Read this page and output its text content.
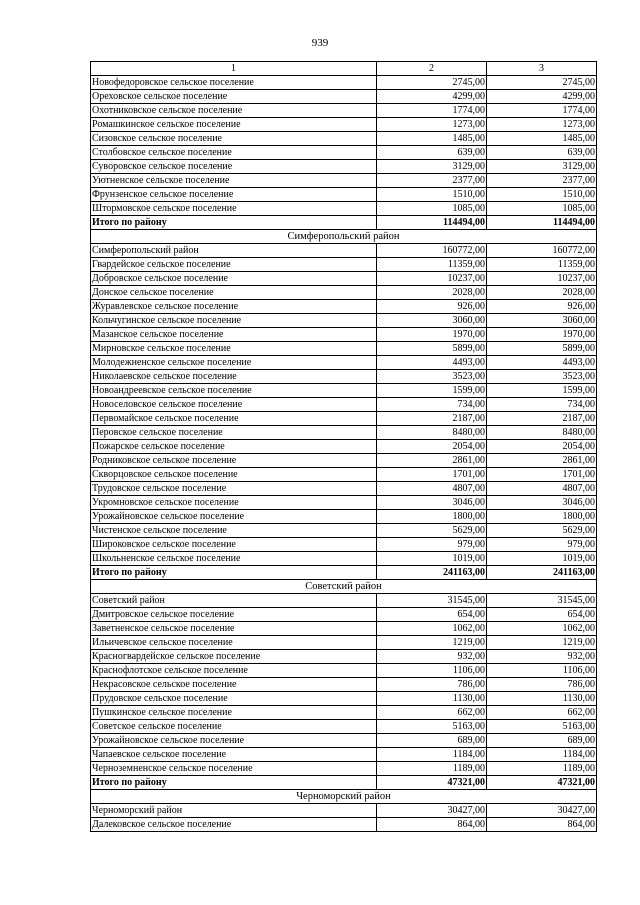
939
1	2	3
Новофедоровское сельское поселение	2745,00	2745,00
Ореховское сельское поселение	4299,00	4299,00
Охотниковское сельское поселение	1774,00	1774,00
Ромашкинское сельское поселение	1273,00	1273,00
Сизовское сельское поселение	1485,00	1485,00
Столбовское сельское поселение	639,00	639,00
Суворовское сельское поселение	3129,00	3129,00
Уютненское сельское поселение	2377,00	2377,00
Фрунзенское сельское поселение	1510,00	1510,00
Штормовское сельское поселение	1085,00	1085,00
Итого по району	114494,00	114494,00
Симферопольский район		
Симферопольский район	160772,00	160772,00
Гвардейское сельское поселение	11359,00	11359,00
Добровское сельское поселение	10237,00	10237,00
Донское сельское поселение	2028,00	2028,00
Журавлевское сельское поселение	926,00	926,00
Кольчугинское сельское поселение	3060,00	3060,00
Мазанское сельское поселение	1970,00	1970,00
Мирновское сельское поселение	5899,00	5899,00
Молодежненское сельское поселение	4493,00	4493,00
Николаевское сельское поселение	3523,00	3523,00
Новоандреевское сельское поселение	1599,00	1599,00
Новоселовское сельское поселение	734,00	734,00
Первомайское сельское поселение	2187,00	2187,00
Перовское сельское поселение	8480,00	8480,00
Пожарское сельское поселение	2054,00	2054,00
Родниковское сельское поселение	2861,00	2861,00
Скворцовское сельское поселение	1701,00	1701,00
Трудовское сельское поселение	4807,00	4807,00
Укромновское сельское поселение	3046,00	3046,00
Урожайновское сельское поселение	1800,00	1800,00
Чистенское сельское поселение	5629,00	5629,00
Широковское сельское поселение	979,00	979,00
Школьненское сельское поселение	1019,00	1019,00
Итого по району	241163,00	241163,00
Советский район		
Советский район	31545,00	31545,00
Дмитровское сельское поселение	654,00	654,00
Заветненское сельское поселение	1062,00	1062,00
Ильичевское сельское поселение	1219,00	1219,00
Красногвардейское сельское поселение	932,00	932,00
Краснофлотское сельское поселение	1106,00	1106,00
Некрасовское сельское поселение	786,00	786,00
Прудовское сельское поселение	1130,00	1130,00
Пушкинское сельское поселение	662,00	662,00
Советское сельское поселение	5163,00	5163,00
Урожайновское сельское поселение	689,00	689,00
Чапаевское сельское поселение	1184,00	1184,00
Черноземненское сельское поселение	1189,00	1189,00
Итого по району	47321,00	47321,00
Черноморский район		
Черноморский район	30427,00	30427,00
Далековское сельское поселение	864,00	864,00
